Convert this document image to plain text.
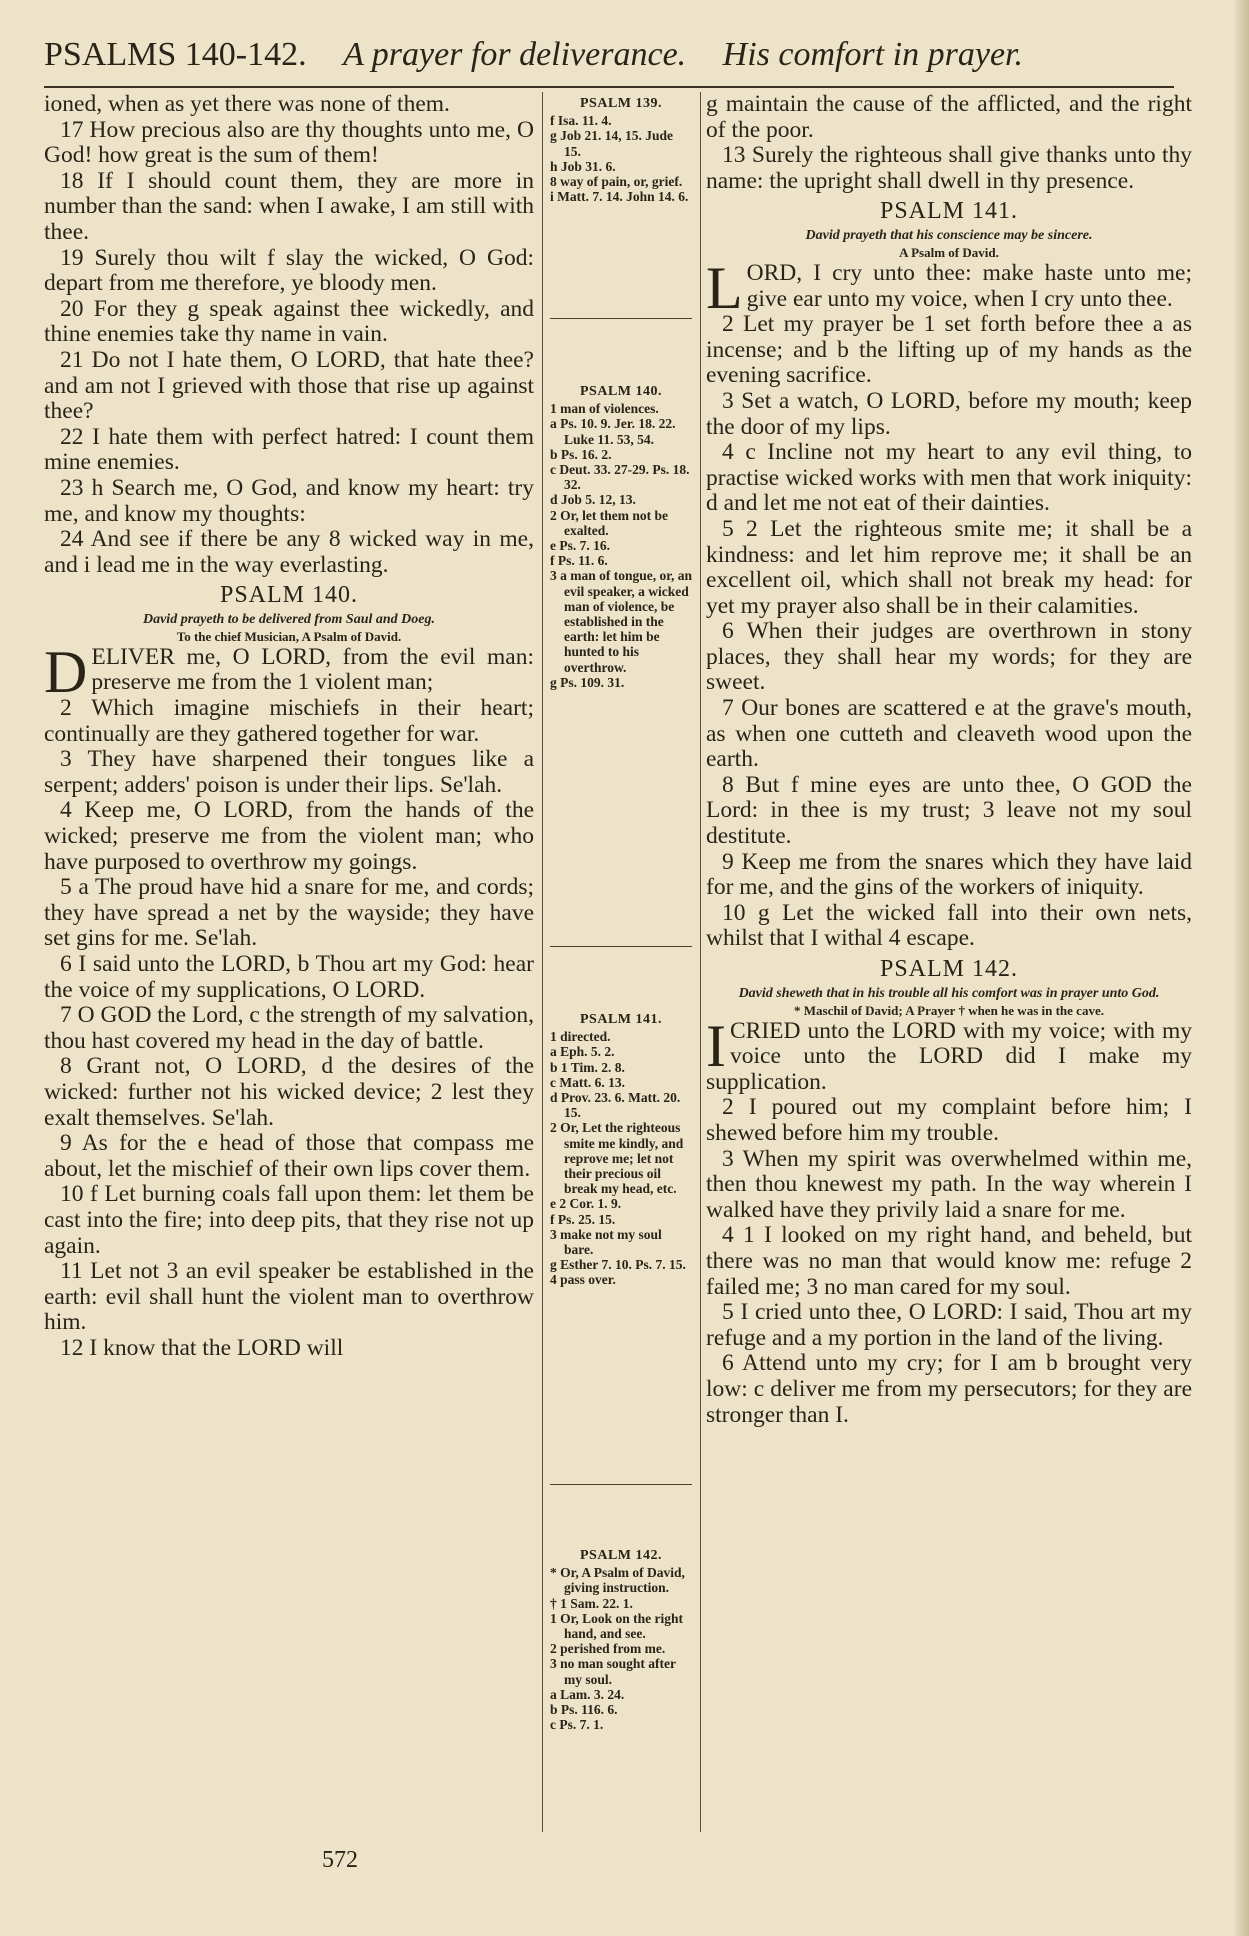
PSALMS 140-142. A prayer for deliverance. His comfort in prayer.

ioned, when as yet there was none of them.

17 How precious also are thy thoughts unto me, O God! how great is the sum of them!

18 If I should count them, they are more in number than the sand: when I awake, I am still with thee.

19 Surely thou wilt f slay the wicked, O God: depart from me therefore, ye bloody men.

20 For they g speak against thee wickedly, and thine enemies take thy name in vain.

21 Do not I hate them, O LORD, that hate thee? and am not I grieved with those that rise up against thee?

22 I hate them with perfect hatred: I count them mine enemies.

23 h Search me, O God, and know my heart: try me, and know my thoughts:

24 And see if there be any 8 wicked way in me, and i lead me in the way everlasting.

PSALM 140.

David prayeth to be delivered from Saul and Doeg.

To the chief Musician, A Psalm of David.

DELIVER me, O LORD, from the evil man: preserve me from the 1 violent man;

2 Which imagine mischiefs in their heart; continually are they gathered together for war.

3 They have sharpened their tongues like a serpent; adders' poison is under their lips. Se'lah.

4 Keep me, O LORD, from the hands of the wicked; preserve me from the violent man; who have purposed to overthrow my goings.

5 a The proud have hid a snare for me, and cords; they have spread a net by the wayside; they have set gins for me. Se'lah.

6 I said unto the LORD, b Thou art my God: hear the voice of my supplications, O LORD.

7 O GOD the Lord, c the strength of my salvation, thou hast covered my head in the day of battle.

8 Grant not, O LORD, d the desires of the wicked: further not his wicked device; 2 lest they exalt themselves. Se'lah.

9 As for the e head of those that compass me about, let the mischief of their own lips cover them.

10 f Let burning coals fall upon them: let them be cast into the fire; into deep pits, that they rise not up again.

11 Let not 3 an evil speaker be established in the earth: evil shall hunt the violent man to overthrow him.

12 I know that the LORD will

PSALM 139.

f Isa. 11. 4.

g Job 21. 14, 15. Jude 15.

h Job 31. 6.

8 way of pain, or, grief.

i Matt. 7. 14. John 14. 6.

PSALM 140.

1 man of violences.

a Ps. 10. 9. Jer. 18. 22. Luke 11. 53, 54.

b Ps. 16. 2.

c Deut. 33. 27-29. Ps. 18. 32.

d Job 5. 12, 13.

2 Or, let them not be exalted.

e Ps. 7. 16.

f Ps. 11. 6.

3 a man of tongue, or, an evil speaker, a wicked man of violence, be established in the earth: let him be hunted to his overthrow.

g Ps. 109. 31.

PSALM 141.

1 directed.

a Eph. 5. 2.

b 1 Tim. 2. 8.

c Matt. 6. 13.

d Prov. 23. 6. Matt. 20. 15.

2 Or, Let the righteous smite me kindly, and reprove me; let not their precious oil break my head, etc.

e 2 Cor. 1. 9.

f Ps. 25. 15.

3 make not my soul bare.

g Esther 7. 10. Ps. 7. 15.

4 pass over.

PSALM 142.

* Or, A Psalm of David, giving instruction.

† 1 Sam. 22. 1.

1 Or, Look on the right hand, and see.

2 perished from me.

3 no man sought after my soul.

a Lam. 3. 24.

b Ps. 116. 6.

c Ps. 7. 1.

g maintain the cause of the afflicted, and the right of the poor.

13 Surely the righteous shall give thanks unto thy name: the upright shall dwell in thy presence.

PSALM 141.

David prayeth that his conscience may be sincere.

A Psalm of David.

LORD, I cry unto thee: make haste unto me; give ear unto my voice, when I cry unto thee.

2 Let my prayer be 1 set forth before thee a as incense; and b the lifting up of my hands as the evening sacrifice.

3 Set a watch, O LORD, before my mouth; keep the door of my lips.

4 c Incline not my heart to any evil thing, to practise wicked works with men that work iniquity: d and let me not eat of their dainties.

5 2 Let the righteous smite me; it shall be a kindness: and let him reprove me; it shall be an excellent oil, which shall not break my head: for yet my prayer also shall be in their calamities.

6 When their judges are overthrown in stony places, they shall hear my words; for they are sweet.

7 Our bones are scattered e at the grave's mouth, as when one cutteth and cleaveth wood upon the earth.

8 But f mine eyes are unto thee, O GOD the Lord: in thee is my trust; 3 leave not my soul destitute.

9 Keep me from the snares which they have laid for me, and the gins of the workers of iniquity.

10 g Let the wicked fall into their own nets, whilst that I withal 4 escape.

PSALM 142.

David sheweth that in his trouble all his comfort was in prayer unto God.

* Maschil of David; A Prayer † when he was in the cave.

ICRIED unto the LORD with my voice; with my voice unto the LORD did I make my supplication.

2 I poured out my complaint before him; I shewed before him my trouble.

3 When my spirit was overwhelmed within me, then thou knewest my path. In the way wherein I walked have they privily laid a snare for me.

4 1 I looked on my right hand, and beheld, but there was no man that would know me: refuge 2 failed me; 3 no man cared for my soul.

5 I cried unto thee, O LORD: I said, Thou art my refuge and a my portion in the land of the living.

6 Attend unto my cry; for I am b brought very low: c deliver me from my persecutors; for they are stronger than I.

572
